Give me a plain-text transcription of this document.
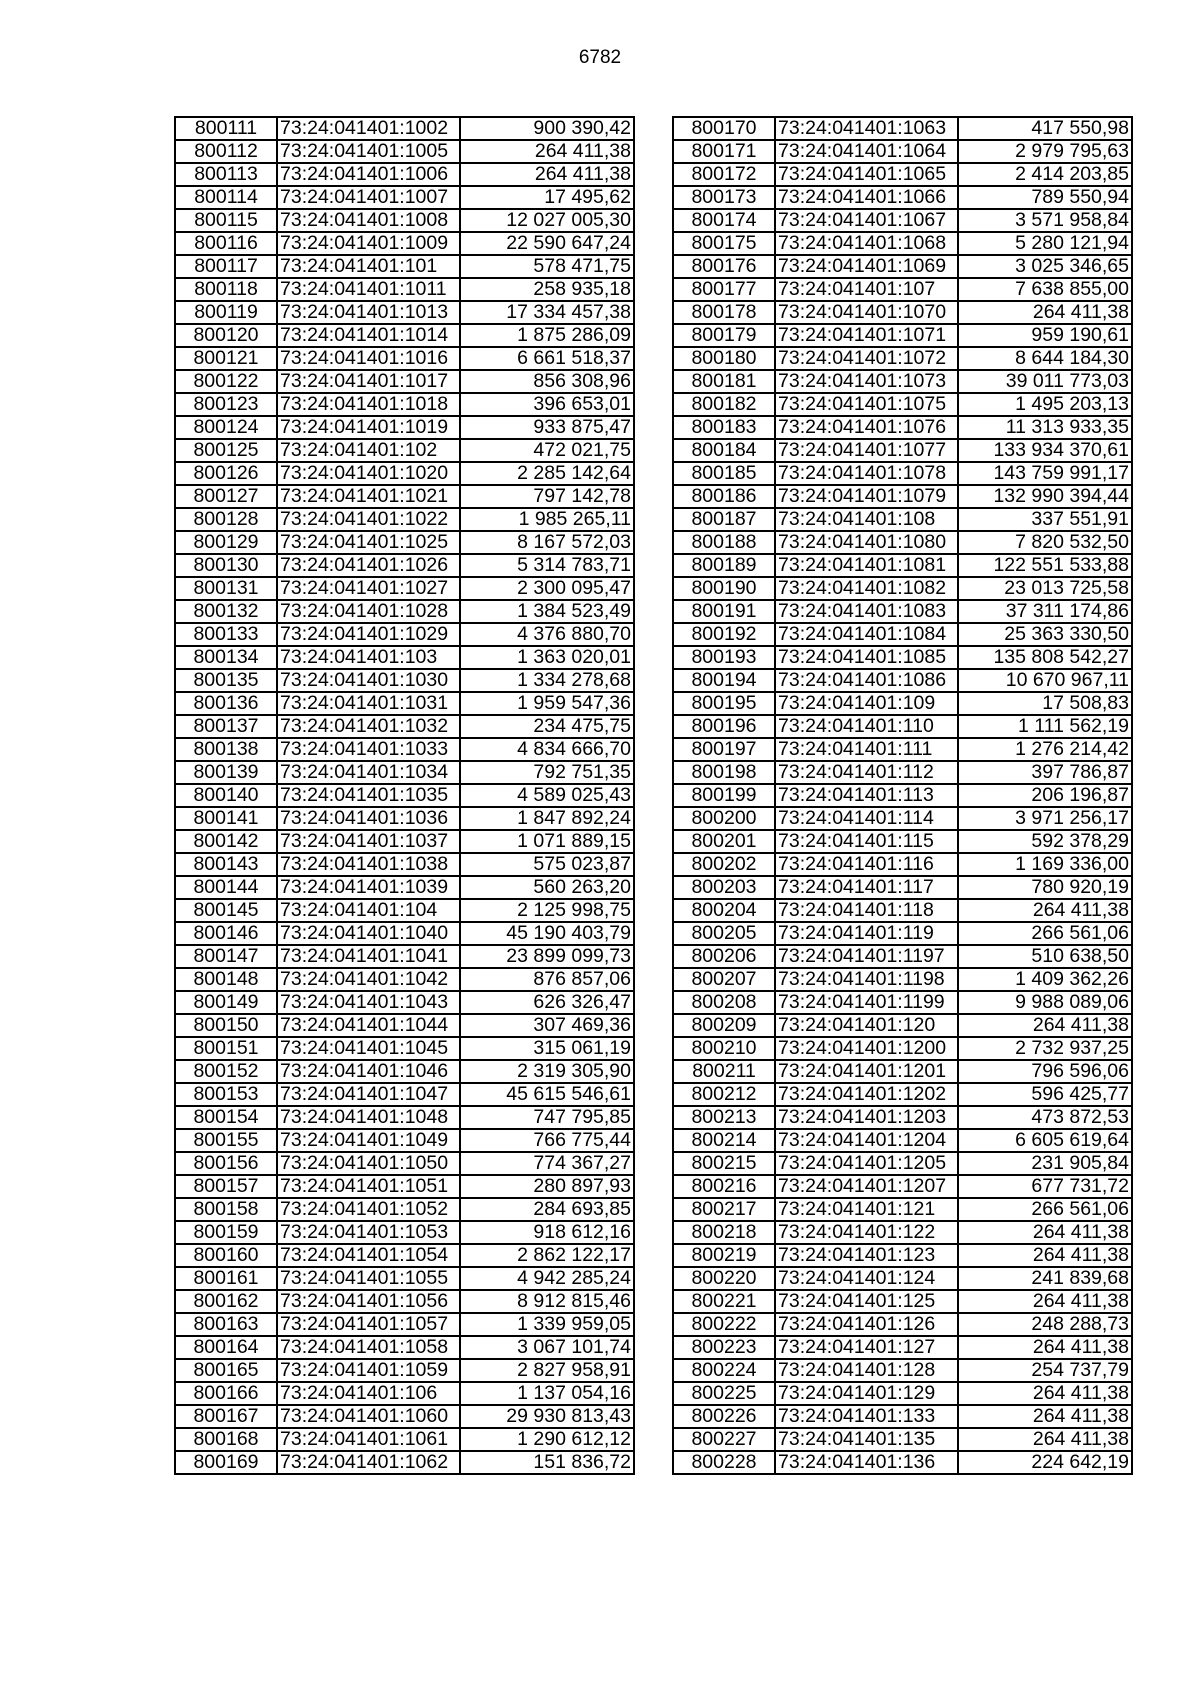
6782
800111	73:24:041401:1002	900 390,42
800112	73:24:041401:1005	264 411,38
800113	73:24:041401:1006	264 411,38
800114	73:24:041401:1007	17 495,62
800115	73:24:041401:1008	12 027 005,30
800116	73:24:041401:1009	22 590 647,24
800117	73:24:041401:101	578 471,75
800118	73:24:041401:1011	258 935,18
800119	73:24:041401:1013	17 334 457,38
800120	73:24:041401:1014	1 875 286,09
800121	73:24:041401:1016	6 661 518,37
800122	73:24:041401:1017	856 308,96
800123	73:24:041401:1018	396 653,01
800124	73:24:041401:1019	933 875,47
800125	73:24:041401:102	472 021,75
800126	73:24:041401:1020	2 285 142,64
800127	73:24:041401:1021	797 142,78
800128	73:24:041401:1022	1 985 265,11
800129	73:24:041401:1025	8 167 572,03
800130	73:24:041401:1026	5 314 783,71
800131	73:24:041401:1027	2 300 095,47
800132	73:24:041401:1028	1 384 523,49
800133	73:24:041401:1029	4 376 880,70
800134	73:24:041401:103	1 363 020,01
800135	73:24:041401:1030	1 334 278,68
800136	73:24:041401:1031	1 959 547,36
800137	73:24:041401:1032	234 475,75
800138	73:24:041401:1033	4 834 666,70
800139	73:24:041401:1034	792 751,35
800140	73:24:041401:1035	4 589 025,43
800141	73:24:041401:1036	1 847 892,24
800142	73:24:041401:1037	1 071 889,15
800143	73:24:041401:1038	575 023,87
800144	73:24:041401:1039	560 263,20
800145	73:24:041401:104	2 125 998,75
800146	73:24:041401:1040	45 190 403,79
800147	73:24:041401:1041	23 899 099,73
800148	73:24:041401:1042	876 857,06
800149	73:24:041401:1043	626 326,47
800150	73:24:041401:1044	307 469,36
800151	73:24:041401:1045	315 061,19
800152	73:24:041401:1046	2 319 305,90
800153	73:24:041401:1047	45 615 546,61
800154	73:24:041401:1048	747 795,85
800155	73:24:041401:1049	766 775,44
800156	73:24:041401:1050	774 367,27
800157	73:24:041401:1051	280 897,93
800158	73:24:041401:1052	284 693,85
800159	73:24:041401:1053	918 612,16
800160	73:24:041401:1054	2 862 122,17
800161	73:24:041401:1055	4 942 285,24
800162	73:24:041401:1056	8 912 815,46
800163	73:24:041401:1057	1 339 959,05
800164	73:24:041401:1058	3 067 101,74
800165	73:24:041401:1059	2 827 958,91
800166	73:24:041401:106	1 137 054,16
800167	73:24:041401:1060	29 930 813,43
800168	73:24:041401:1061	1 290 612,12
800169	73:24:041401:1062	151 836,72
800170	73:24:041401:1063	417 550,98
800171	73:24:041401:1064	2 979 795,63
800172	73:24:041401:1065	2 414 203,85
800173	73:24:041401:1066	789 550,94
800174	73:24:041401:1067	3 571 958,84
800175	73:24:041401:1068	5 280 121,94
800176	73:24:041401:1069	3 025 346,65
800177	73:24:041401:107	7 638 855,00
800178	73:24:041401:1070	264 411,38
800179	73:24:041401:1071	959 190,61
800180	73:24:041401:1072	8 644 184,30
800181	73:24:041401:1073	39 011 773,03
800182	73:24:041401:1075	1 495 203,13
800183	73:24:041401:1076	11 313 933,35
800184	73:24:041401:1077	133 934 370,61
800185	73:24:041401:1078	143 759 991,17
800186	73:24:041401:1079	132 990 394,44
800187	73:24:041401:108	337 551,91
800188	73:24:041401:1080	7 820 532,50
800189	73:24:041401:1081	122 551 533,88
800190	73:24:041401:1082	23 013 725,58
800191	73:24:041401:1083	37 311 174,86
800192	73:24:041401:1084	25 363 330,50
800193	73:24:041401:1085	135 808 542,27
800194	73:24:041401:1086	10 670 967,11
800195	73:24:041401:109	17 508,83
800196	73:24:041401:110	1 111 562,19
800197	73:24:041401:111	1 276 214,42
800198	73:24:041401:112	397 786,87
800199	73:24:041401:113	206 196,87
800200	73:24:041401:114	3 971 256,17
800201	73:24:041401:115	592 378,29
800202	73:24:041401:116	1 169 336,00
800203	73:24:041401:117	780 920,19
800204	73:24:041401:118	264 411,38
800205	73:24:041401:119	266 561,06
800206	73:24:041401:1197	510 638,50
800207	73:24:041401:1198	1 409 362,26
800208	73:24:041401:1199	9 988 089,06
800209	73:24:041401:120	264 411,38
800210	73:24:041401:1200	2 732 937,25
800211	73:24:041401:1201	796 596,06
800212	73:24:041401:1202	596 425,77
800213	73:24:041401:1203	473 872,53
800214	73:24:041401:1204	6 605 619,64
800215	73:24:041401:1205	231 905,84
800216	73:24:041401:1207	677 731,72
800217	73:24:041401:121	266 561,06
800218	73:24:041401:122	264 411,38
800219	73:24:041401:123	264 411,38
800220	73:24:041401:124	241 839,68
800221	73:24:041401:125	264 411,38
800222	73:24:041401:126	248 288,73
800223	73:24:041401:127	264 411,38
800224	73:24:041401:128	254 737,79
800225	73:24:041401:129	264 411,38
800226	73:24:041401:133	264 411,38
800227	73:24:041401:135	264 411,38
800228	73:24:041401:136	224 642,19
